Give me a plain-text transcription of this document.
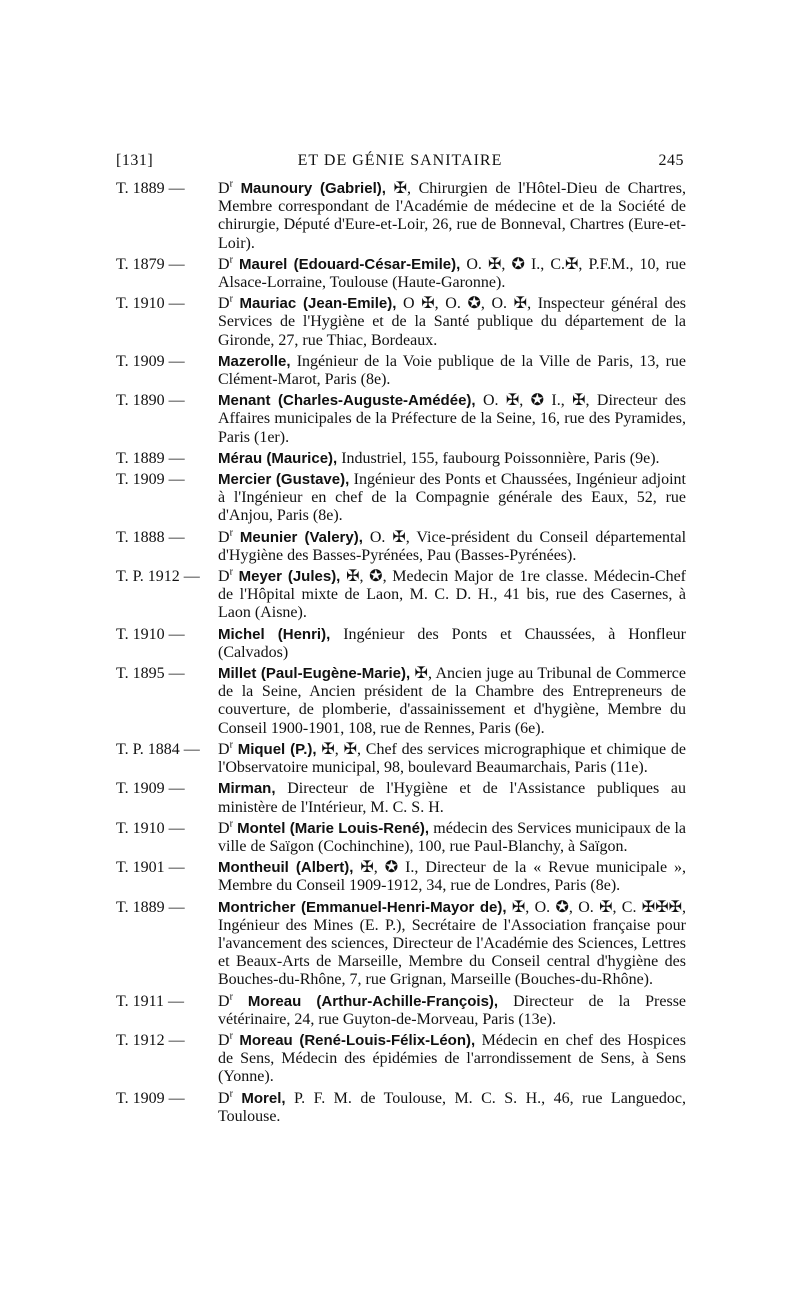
[131]	ET DE GÉNIE SANITAIRE	245
T. 1889 — $D^r$ Maunoury (Gabriel), ✠, Chirurgien de l'Hôtel-Dieu de Chartres, Membre correspondant de l'Académie de médecine et de la Société de chirurgie, Député d'Eure-et-Loir, 26, rue de Bonneval, Chartres (Eure-et-Loir).
T. 1879 — $D^r$ Maurel (Edouard-César-Emile), O. ✠, ✪ I., C.✠, P.F.M., 10, rue Alsace-Lorraine, Toulouse (Haute-Garonne).
T. 1910 — $D^r$ Mauriac (Jean-Emile), O ✠, O. ✪, O. ✠, Inspecteur général des Services de l'Hygiène et de la Santé publique du département de la Gironde, 27, rue Thiac, Bordeaux.
T. 1909 — Mazerolle, Ingénieur de la Voie publique de la Ville de Paris, 13, rue Clément-Marot, Paris (8e).
T. 1890 — Menant (Charles-Auguste-Amédée), O. ✠, ✪ I., ✠, Directeur des Affaires municipales de la Préfecture de la Seine, 16, rue des Pyramides, Paris (1er).
T. 1889 — Mérau (Maurice), Industriel, 155, faubourg Poissonnière, Paris (9e).
T. 1909 — Mercier (Gustave), Ingénieur des Ponts et Chaussées, Ingénieur adjoint à l'Ingénieur en chef de la Compagnie générale des Eaux, 52, rue d'Anjou, Paris (8e).
T. 1888 — $D^r$ Meunier (Valery), O. ✠, Vice-président du Conseil départemental d'Hygiène des Basses-Pyrénées, Pau (Basses-Pyrénées).
T. P. 1912 — $D^r$ Meyer (Jules), ✠, ✪, Medecin Major de 1re classe. Médecin-Chef de l'Hôpital mixte de Laon, M. C. D. H., 41 bis, rue des Casernes, à Laon (Aisne).
T. 1910 — Michel (Henri), Ingénieur des Ponts et Chaussées, à Honfleur (Calvados)
T. 1895 — Millet (Paul-Eugène-Marie), ✠, Ancien juge au Tribunal de Commerce de la Seine, Ancien président de la Chambre des Entrepreneurs de couverture, de plomberie, d'assainissement et d'hygiène, Membre du Conseil 1900-1901, 108, rue de Rennes, Paris (6e).
T. P. 1884 — $D^r$ Miquel (P.), ✠, ✠, Chef des services micrographique et chimique de l'Observatoire municipal, 98, boulevard Beaumarchais, Paris (11e).
T. 1909 — Mirman, Directeur de l'Hygiène et de l'Assistance publiques au ministère de l'Intérieur, M. C. S. H.
T. 1910 — $D^r$ Montel (Marie Louis-René), médecin des Services municipaux de la ville de Saïgon (Cochinchine), 100, rue Paul-Blanchy, à Saïgon.
T. 1901 — Montheuil (Albert), ✠, ✪ I., Directeur de la « Revue municipale », Membre du Conseil 1909-1912, 34, rue de Londres, Paris (8e).
T. 1889 — Montricher (Emmanuel-Henri-Mayor de), ✠, O. ✪, O. ✠, C. ✠✠✠, Ingénieur des Mines (E. P.), Secrétaire de l'Association française pour l'avancement des sciences, Directeur de l'Académie des Sciences, Lettres et Beaux-Arts de Marseille, Membre du Conseil central d'hygiène des Bouches-du-Rhône, 7, rue Grignan, Marseille (Bouches-du-Rhône).
T. 1911 — $D^r$ Moreau (Arthur-Achille-François), Directeur de la Presse vétérinaire, 24, rue Guyton-de-Morveau, Paris (13e).
T. 1912 — $D^r$ Moreau (René-Louis-Félix-Léon), Médecin en chef des Hospices de Sens, Médecin des épidémies de l'arrondissement de Sens, à Sens (Yonne).
T. 1909 — $D^r$ Morel, P. F. M. de Toulouse, M. C. S. H., 46, rue Languedoc, Toulouse.
